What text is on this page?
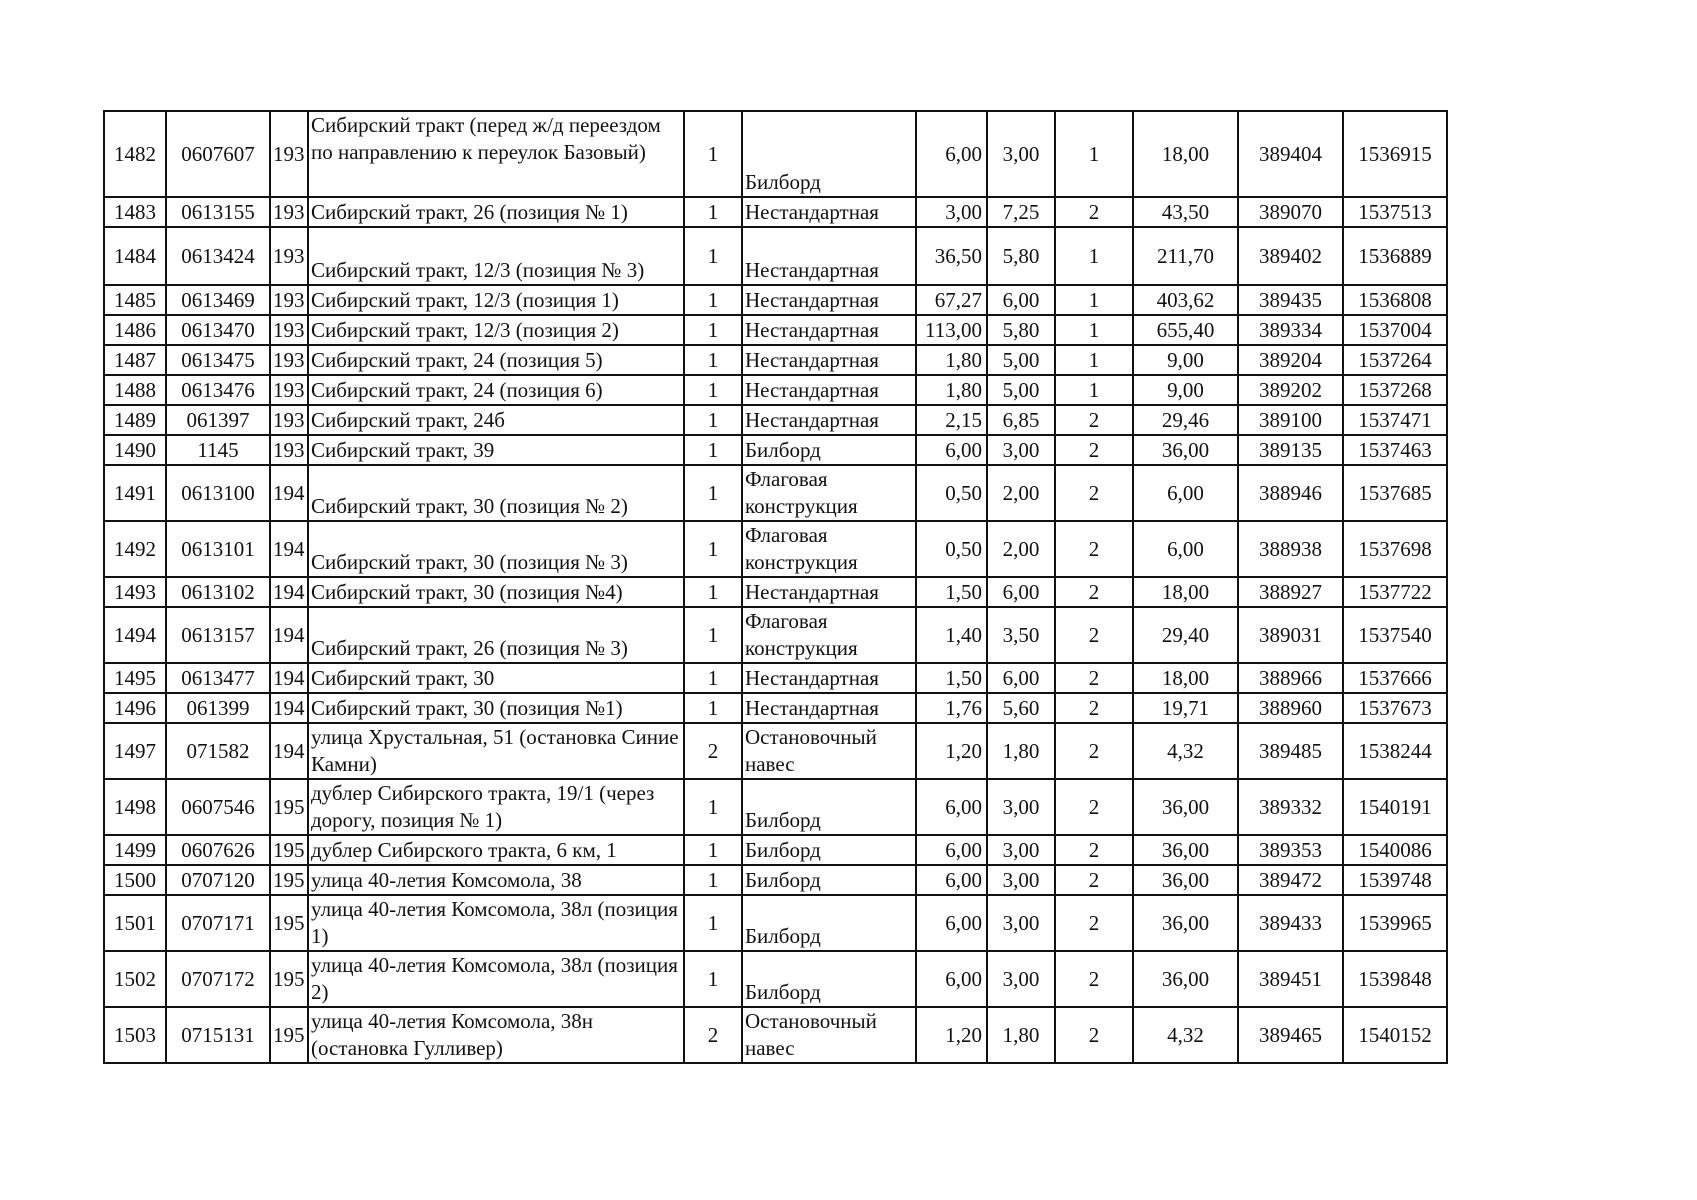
1482	0607607	193	Сибирский тракт (перед ж/д переездом по направлению к переулок Базовый)	1	Билборд	6,00	3,00	1	18,00	389404	1536915
1483	0613155	193	Сибирский тракт, 26 (позиция № 1)	1	Нестандартная	3,00	7,25	2	43,50	389070	1537513
1484	0613424	193	Сибирский тракт, 12/3 (позиция № 3)	1	Нестандартная	36,50	5,80	1	211,70	389402	1536889
1485	0613469	193	Сибирский тракт, 12/3 (позиция 1)	1	Нестандартная	67,27	6,00	1	403,62	389435	1536808
1486	0613470	193	Сибирский тракт, 12/3 (позиция 2)	1	Нестандартная	113,00	5,80	1	655,40	389334	1537004
1487	0613475	193	Сибирский тракт, 24 (позиция 5)	1	Нестандартная	1,80	5,00	1	9,00	389204	1537264
1488	0613476	193	Сибирский тракт, 24 (позиция 6)	1	Нестандартная	1,80	5,00	1	9,00	389202	1537268
1489	061397	193	Сибирский тракт, 24б	1	Нестандартная	2,15	6,85	2	29,46	389100	1537471
1490	1145	193	Сибирский тракт, 39	1	Билборд	6,00	3,00	2	36,00	389135	1537463
1491	0613100	194	Сибирский тракт, 30 (позиция № 2)	1	Флаговая конструкция	0,50	2,00	2	6,00	388946	1537685
1492	0613101	194	Сибирский тракт, 30 (позиция № 3)	1	Флаговая конструкция	0,50	2,00	2	6,00	388938	1537698
1493	0613102	194	Сибирский тракт, 30 (позиция №4)	1	Нестандартная	1,50	6,00	2	18,00	388927	1537722
1494	0613157	194	Сибирский тракт, 26 (позиция № 3)	1	Флаговая конструкция	1,40	3,50	2	29,40	389031	1537540
1495	0613477	194	Сибирский тракт, 30	1	Нестандартная	1,50	6,00	2	18,00	388966	1537666
1496	061399	194	Сибирский тракт, 30 (позиция №1)	1	Нестандартная	1,76	5,60	2	19,71	388960	1537673
1497	071582	194	улица Хрустальная, 51 (остановка Синие Камни)	2	Остановочный навес	1,20	1,80	2	4,32	389485	1538244
1498	0607546	195	дублер Сибирского тракта, 19/1 (через дорогу, позиция № 1)	1	Билборд	6,00	3,00	2	36,00	389332	1540191
1499	0607626	195	дублер Сибирского тракта, 6 км, 1	1	Билборд	6,00	3,00	2	36,00	389353	1540086
1500	0707120	195	улица 40-летия Комсомола, 38	1	Билборд	6,00	3,00	2	36,00	389472	1539748
1501	0707171	195	улица 40-летия Комсомола, 38л (позиция 1)	1	Билборд	6,00	3,00	2	36,00	389433	1539965
1502	0707172	195	улица 40-летия Комсомола, 38л (позиция 2)	1	Билборд	6,00	3,00	2	36,00	389451	1539848
1503	0715131	195	улица 40-летия Комсомола, 38н (остановка Гулливер)	2	Остановочный навес	1,20	1,80	2	4,32	389465	1540152
